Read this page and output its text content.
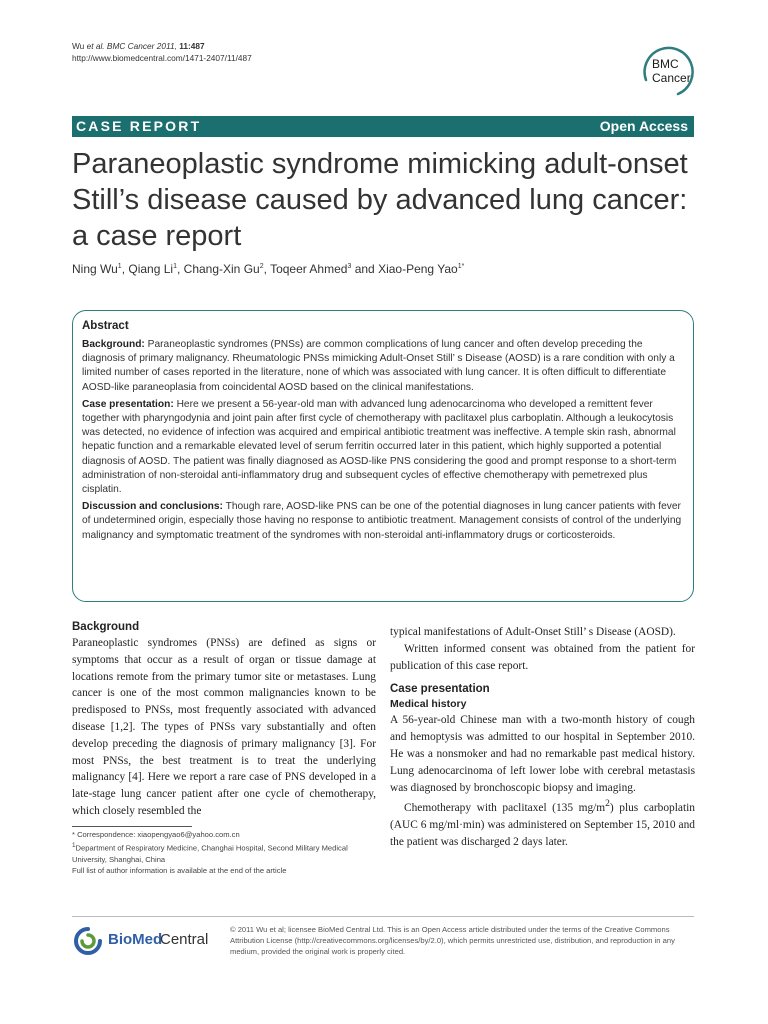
Wu et al. BMC Cancer 2011, 11:487
http://www.biomedcentral.com/1471-2407/11/487	BMC
Cancer
CASE REPORT	Open Access
Paraneoplastic syndrome mimicking adult-onset
Still’s disease caused by advanced lung cancer:
a case report
Ning Wu$^1$, Qiang Li$^1$, Chang-Xin Gu$^2$, Toqeer Ahmed$^3$ and Xiao-Peng Yao$^{1*}$
Abstract

Background: Paraneoplastic syndromes (PNSs) are common complications of lung cancer and often develop preceding the diagnosis of primary malignancy. Rheumatologic PNSs mimicking Adult-Onset Still’ s Disease (AOSD) is a rare condition with only a limited number of cases reported in the literature, none of which was associated with lung cancer. It is often difficult to differentiate AOSD-like paraneoplasia from coincidental AOSD based on the clinical manifestations.

Case presentation: Here we present a 56-year-old man with advanced lung adenocarcinoma who developed a remittent fever together with pharyngodynia and joint pain after first cycle of chemotherapy with paclitaxel plus carboplatin. Although a leukocytosis was detected, no evidence of infection was acquired and empirical antibiotic treatment was ineffective. A temple skin rash, abnormal hepatic function and a remarkable elevated level of serum ferritin occurred later in this patient, which highly supported a potential diagnosis of AOSD. The patient was finally diagnosed as AOSD-like PNS considering the good and prompt response to a short-term administration of non-steroidal anti-inflammatory drug and subsequent cycles of effective chemotherapy with pemetrexed plus cisplatin.

Discussion and conclusions: Though rare, AOSD-like PNS can be one of the potential diagnoses in lung cancer patients with fever of undetermined origin, especially those having no response to antibiotic treatment. Management consists of control of the underlying malignancy and symptomatic treatment of the syndromes with non-steroidal anti-inflammatory drugs or corticosteroids.

Background

Paraneoplastic syndromes (PNSs) are defined as signs or symptoms that occur as a result of organ or tissue damage at locations remote from the primary tumor site or metastases. Lung cancer is one of the most common malignancies known to be predisposed to PNSs, most frequently associated with advanced disease [1,2]. The types of PNSs vary substantially and often develop preceding the diagnosis of primary malignancy [3]. For most PNSs, the best treatment is to treat the underlying malignancy [4]. Here we report a rare case of PNS developed in a late-stage lung cancer patient after one cycle of chemotherapy, which closely resembled the

typical manifestations of Adult-Onset Still’ s Disease (AOSD).

Written informed consent was obtained from the patient for publication of this case report.

Case presentation
Medical history

A 56-year-old Chinese man with a two-month history of cough and hemoptysis was admitted to our hospital in September 2010. He was a nonsmoker and had no remarkable past medical history. Lung adenocarcinoma of left lower lobe with cerebral metastasis was diagnosed by bronchoscopic biopsy and imaging.

Chemotherapy with paclitaxel (135 $mg/m^2$) plus carboplatin (AUC 6 mg/ml·min) was administered on September 15, 2010 and the patient was discharged 2 days later.

* Correspondence: xiaopengyao6@yahoo.com.cn

$^1$Department of Respiratory Medicine, Changhai Hospital, Second Military Medical University, Shanghai, China

Full list of author information is available at the end of the article

BioMed
Central
© 2011 Wu et al; licensee BioMed Central Ltd. This is an Open Access article distributed under the terms of the Creative Commons Attribution License (http://creativecommons.org/licenses/by/2.0), which permits unrestricted use, distribution, and reproduction in any medium, provided the original work is properly cited.
